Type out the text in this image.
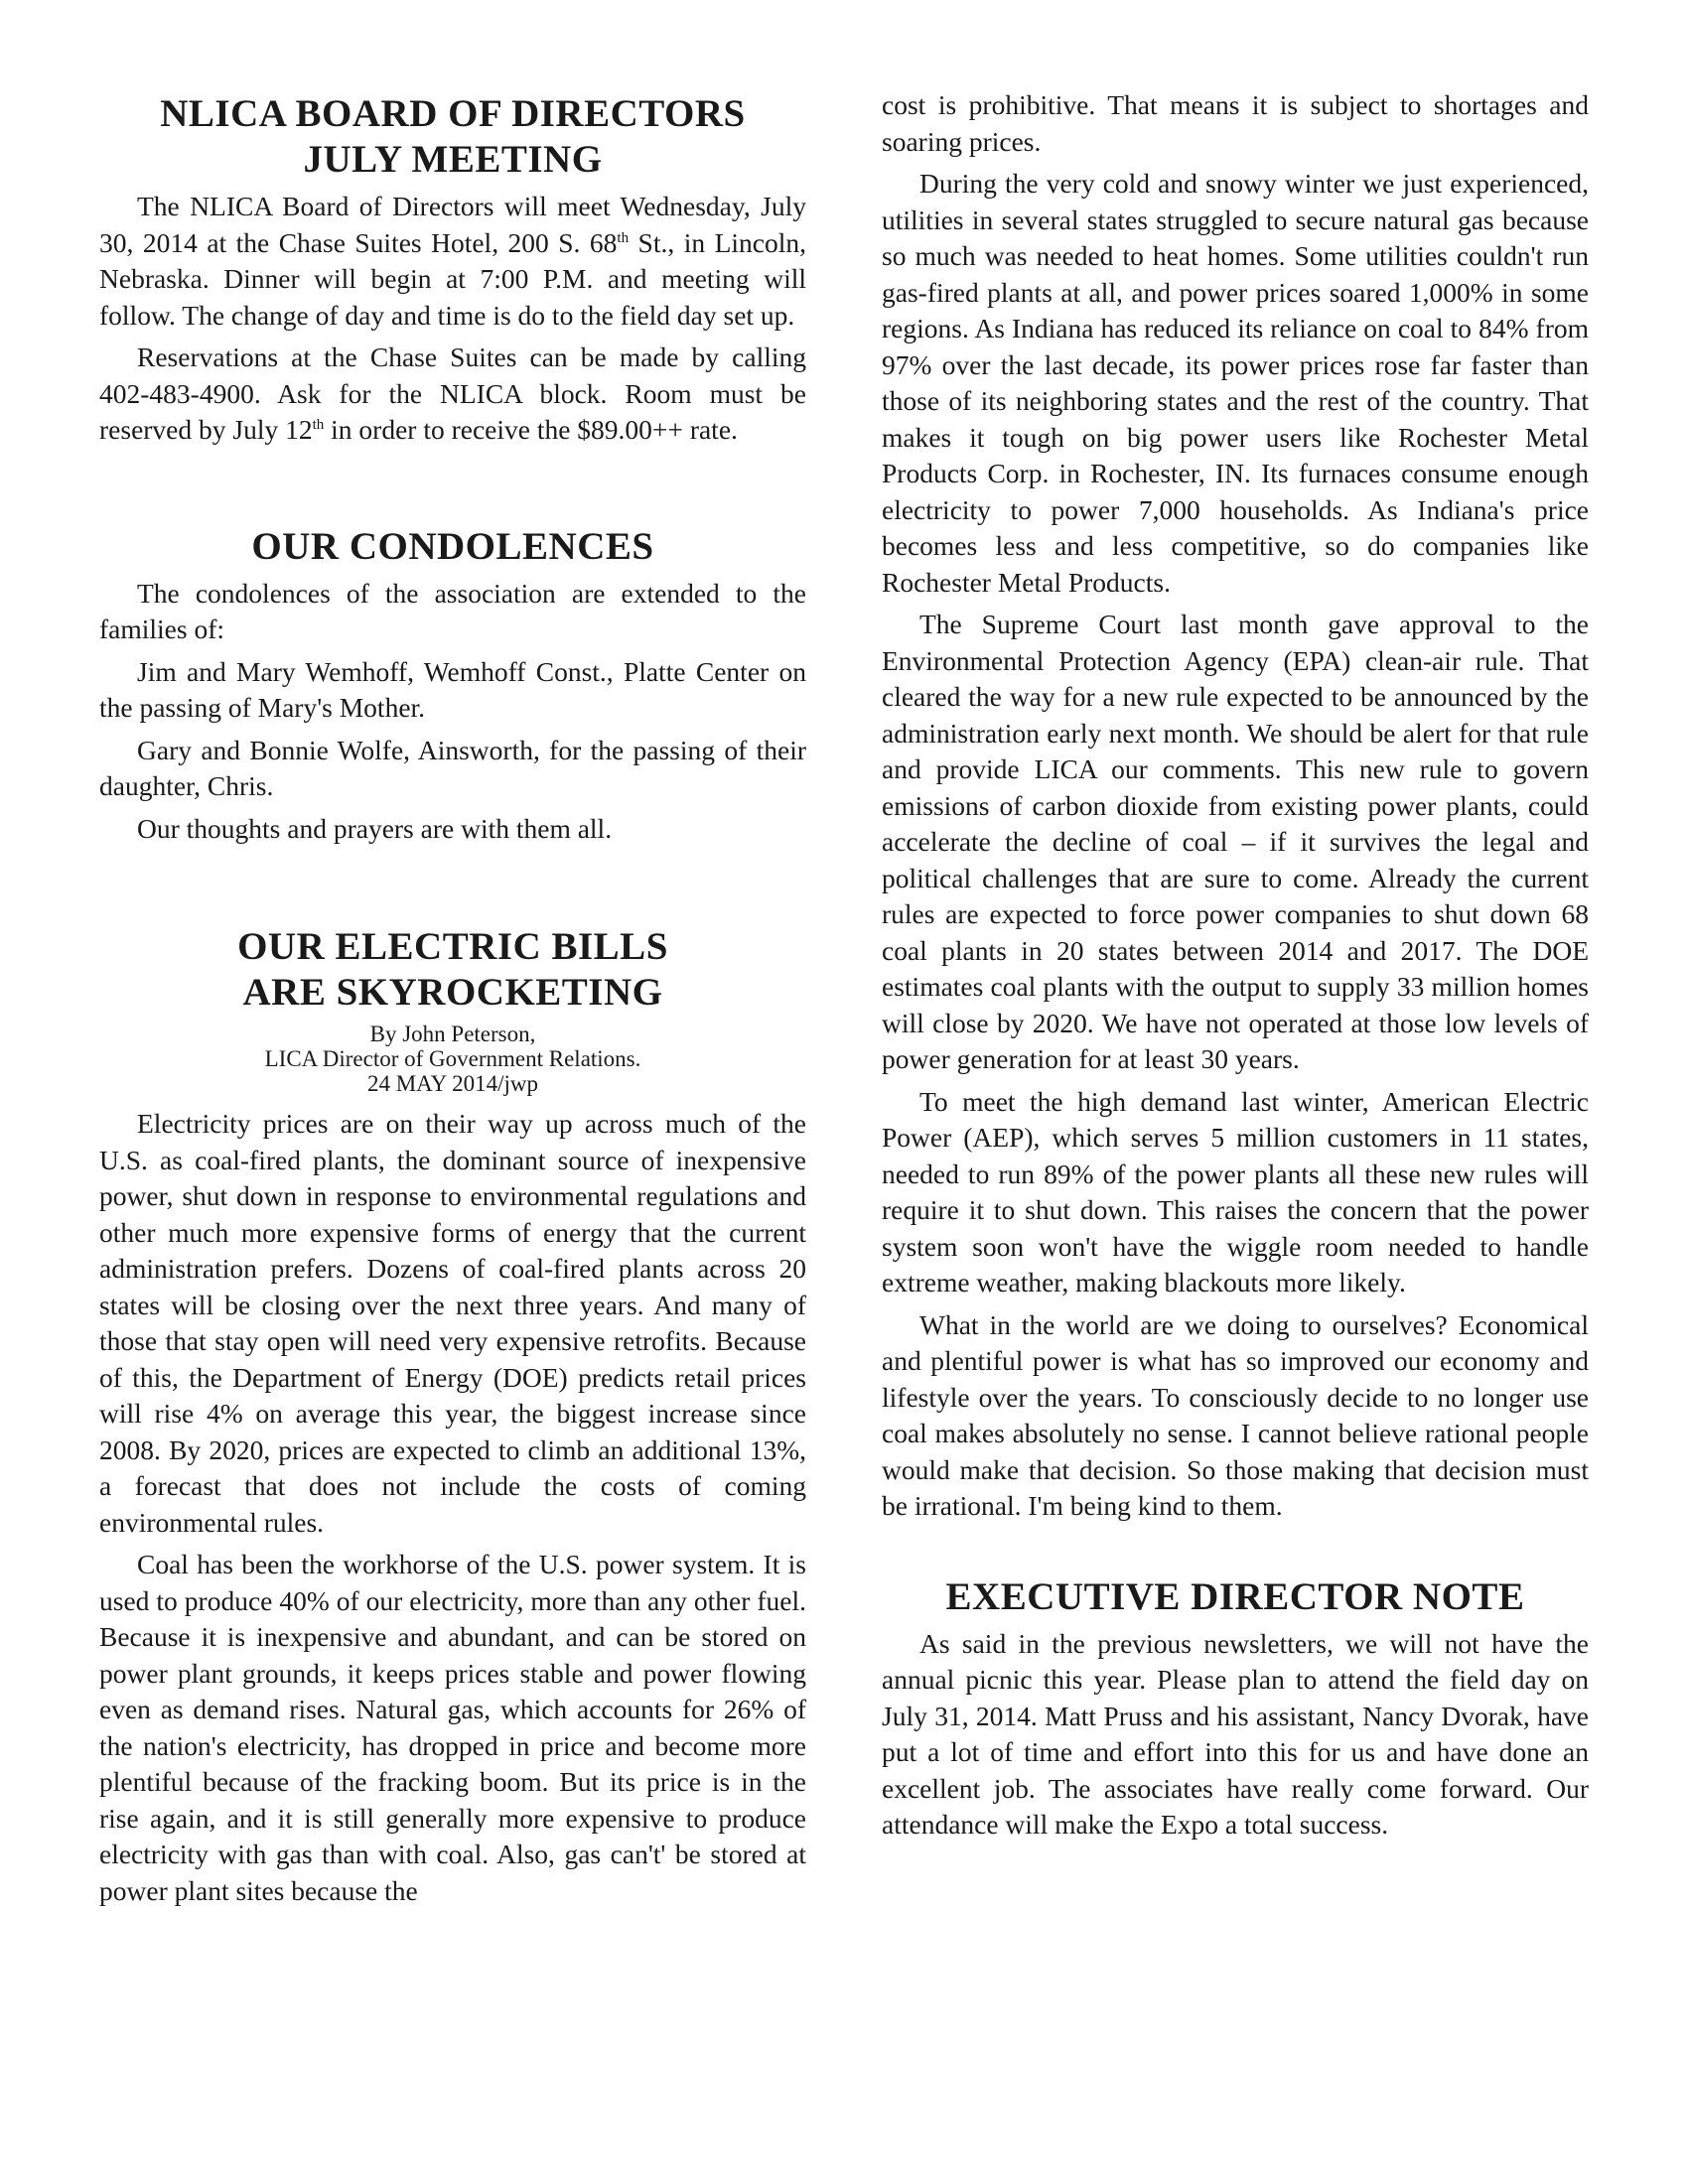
NLICA BOARD OF DIRECTORS
JULY MEETING

The NLICA Board of Directors will meet Wednesday, July 30, 2014 at the Chase Suites Hotel, 200 S. 68th St., in Lincoln, Nebraska. Dinner will begin at 7:00 P.M. and meeting will follow. The change of day and time is do to the field day set up.

Reservations at the Chase Suites can be made by calling 402-483-4900. Ask for the NLICA block. Room must be reserved by July 12th in order to receive the $89.00++ rate.

OUR CONDOLENCES

The condolences of the association are extended to the families of:

Jim and Mary Wemhoff, Wemhoff Const., Platte Center on the passing of Mary's Mother.

Gary and Bonnie Wolfe, Ainsworth, for the passing of their daughter, Chris.

Our thoughts and prayers are with them all.

OUR ELECTRIC BILLS
ARE SKYROCKETING
By John Peterson,
LICA Director of Government Relations.
24 MAY 2014/jwp

Electricity prices are on their way up across much of the U.S. as coal-fired plants, the dominant source of inexpensive power, shut down in response to environmental regulations and other much more expensive forms of energy that the current administration prefers. Dozens of coal-fired plants across 20 states will be closing over the next three years. And many of those that stay open will need very expensive retrofits. Because of this, the Department of Energy (DOE) predicts retail prices will rise 4% on average this year, the biggest increase since 2008. By 2020, prices are expected to climb an additional 13%, a forecast that does not include the costs of coming environmental rules.

Coal has been the workhorse of the U.S. power system. It is used to produce 40% of our electricity, more than any other fuel. Because it is inexpensive and abundant, and can be stored on power plant grounds, it keeps prices stable and power flowing even as demand rises. Natural gas, which accounts for 26% of the nation's electricity, has dropped in price and become more plentiful because of the fracking boom. But its price is in the rise again, and it is still generally more expensive to produce electricity with gas than with coal. Also, gas can't' be stored at power plant sites because the

cost is prohibitive. That means it is subject to shortages and soaring prices.

During the very cold and snowy winter we just experienced, utilities in several states struggled to secure natural gas because so much was needed to heat homes. Some utilities couldn't run gas-fired plants at all, and power prices soared 1,000% in some regions. As Indiana has reduced its reliance on coal to 84% from 97% over the last decade, its power prices rose far faster than those of its neighboring states and the rest of the country. That makes it tough on big power users like Rochester Metal Products Corp. in Rochester, IN. Its furnaces consume enough electricity to power 7,000 households. As Indiana's price becomes less and less competitive, so do companies like Rochester Metal Products.

The Supreme Court last month gave approval to the Environmental Protection Agency (EPA) clean-air rule. That cleared the way for a new rule expected to be announced by the administration early next month. We should be alert for that rule and provide LICA our comments. This new rule to govern emissions of carbon dioxide from existing power plants, could accelerate the decline of coal – if it survives the legal and political challenges that are sure to come. Already the current rules are expected to force power companies to shut down 68 coal plants in 20 states between 2014 and 2017. The DOE estimates coal plants with the output to supply 33 million homes will close by 2020. We have not operated at those low levels of power generation for at least 30 years.

To meet the high demand last winter, American Electric Power (AEP), which serves 5 million customers in 11 states, needed to run 89% of the power plants all these new rules will require it to shut down. This raises the concern that the power system soon won't have the wiggle room needed to handle extreme weather, making blackouts more likely.

What in the world are we doing to ourselves? Economical and plentiful power is what has so improved our economy and lifestyle over the years. To consciously decide to no longer use coal makes absolutely no sense. I cannot believe rational people would make that decision. So those making that decision must be irrational. I'm being kind to them.

EXECUTIVE DIRECTOR NOTE

As said in the previous newsletters, we will not have the annual picnic this year. Please plan to attend the field day on July 31, 2014. Matt Pruss and his assistant, Nancy Dvorak, have put a lot of time and effort into this for us and have done an excellent job. The associates have really come forward. Our attendance will make the Expo a total success.
